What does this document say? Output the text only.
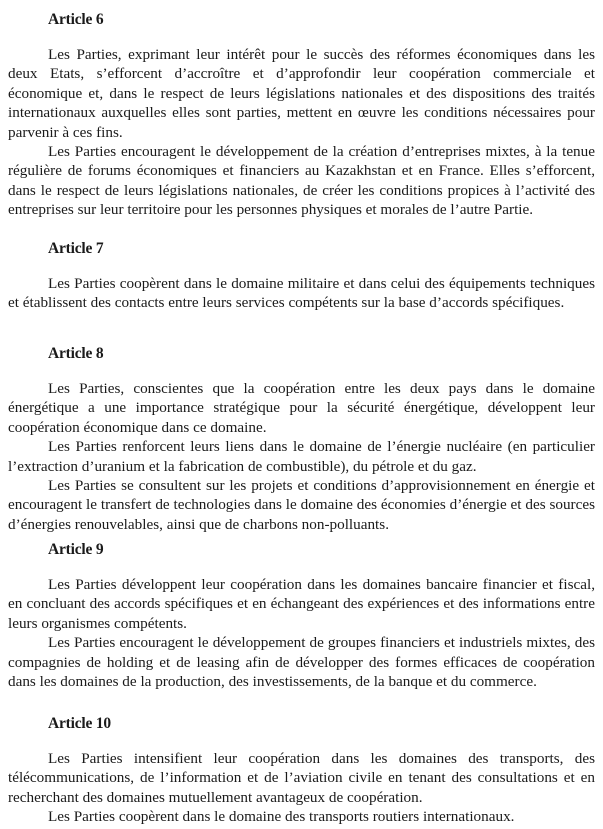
Article 6

Les Parties, exprimant leur intérêt pour le succès des réformes économiques dans les deux Etats, s’efforcent d’accroître et d’approfondir leur coopération commerciale et économique et, dans le respect de leurs législations nationales et des dispositions des traités internationaux auxquelles elles sont parties, mettent en œuvre les conditions nécessaires pour parvenir à ces fins.

Les Parties encouragent le développement de la création d’entreprises mixtes, à la tenue régulière de forums économiques et financiers au Kazakhstan et en France. Elles s’efforcent, dans le respect de leurs législations nationales, de créer les conditions propices à l’activité des entreprises sur leur territoire pour les personnes physiques et morales de l’autre Partie.

Article 7

Les Parties coopèrent dans le domaine militaire et dans celui des équipements techniques et établissent des contacts entre leurs services compétents sur la base d’accords spécifiques.

Article 8

Les Parties, conscientes que la coopération entre les deux pays dans le domaine énergétique a une importance stratégique pour la sécurité énergétique, développent leur coopération économique dans ce domaine.

Les Parties renforcent leurs liens dans le domaine de l’énergie nucléaire (en particulier l’extraction d’uranium et la fabrication de combustible), du pétrole et du gaz.

Les Parties se consultent sur les projets et conditions d’approvisionnement en énergie et encouragent le transfert de technologies dans le domaine des économies d’énergie et des sources d’énergies renouvelables, ainsi que de charbons non-polluants.

Article 9

Les Parties développent leur coopération dans les domaines bancaire financier et fiscal, en concluant des accords spécifiques et en échangeant des expériences et des informations entre leurs organismes compétents.

Les Parties encouragent le développement de groupes financiers et industriels mixtes, des compagnies de holding et de leasing afin de développer des formes efficaces de coopération dans les domaines de la production, des investissements, de la banque et du commerce.

Article 10

Les Parties intensifient leur coopération dans les domaines des transports, des télécommunications, de l’information et de l’aviation civile en tenant des consultations et en recherchant des domaines mutuellement avantageux de coopération.

Les Parties coopèrent dans le domaine des transports routiers internationaux.
